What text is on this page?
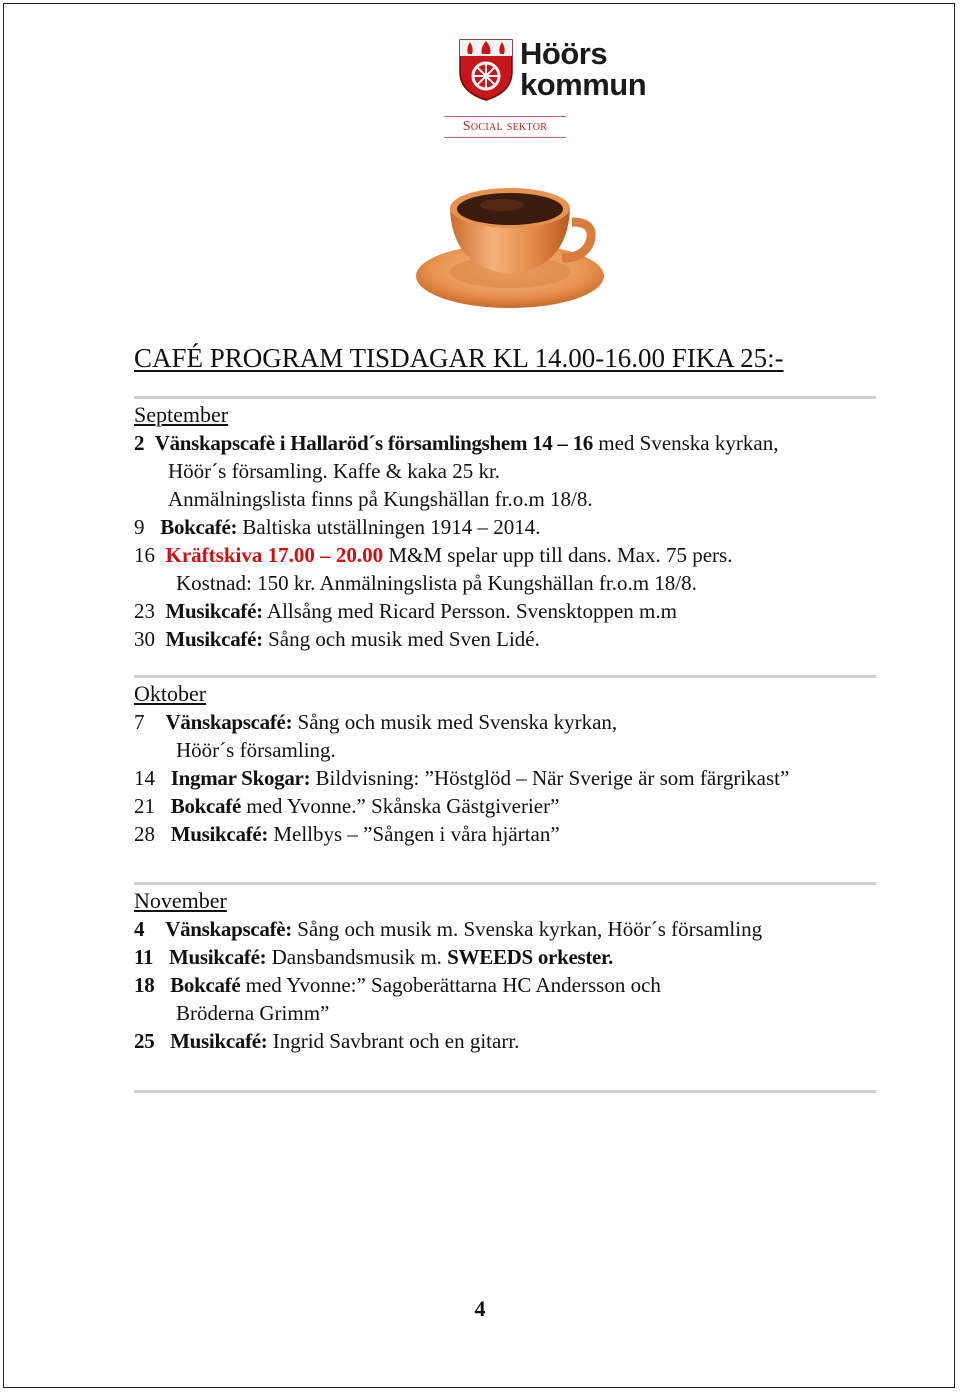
Höörs
kommun
Social sektor
CAFÉ PROGRAM TISDAGAR KL 14.00-16.00 FIKA 25:-
September
2 Vänskapscafè i Hallaröd´s församlingshem 14 – 16 med Svenska kyrkan,
Höör´s församling. Kaffe & kaka 25 kr.
Anmälningslista finns på Kungshällan fr.o.m 18/8.
9 Bokcafé: Baltiska utställningen 1914 – 2014.
16 Kräftskiva 17.00 – 20.00 M&M spelar upp till dans. Max. 75 pers.
Kostnad: 150 kr. Anmälningslista på Kungshällan fr.o.m 18/8.
23 Musikcafé: Allsång med Ricard Persson. Svensktoppen m.m
30 Musikcafé: Sång och musik med Sven Lidé.
Oktober
7 Vänskapscafé: Sång och musik med Svenska kyrkan,
Höör´s församling.
14 Ingmar Skogar: Bildvisning: ”Höstglöd – När Sverige är som färgrikast”
21 Bokcafé med Yvonne.” Skånska Gästgiverier”
28 Musikcafé: Mellbys – ”Sången i våra hjärtan”
November
4 Vänskapscafè: Sång och musik m. Svenska kyrkan, Höör´s församling
11 Musikcafé: Dansbandsmusik m. SWEEDS orkester.
18 Bokcafé med Yvonne:” Sagoberättarna HC Andersson och
Bröderna Grimm”
25 Musikcafé: Ingrid Savbrant och en gitarr.
4
